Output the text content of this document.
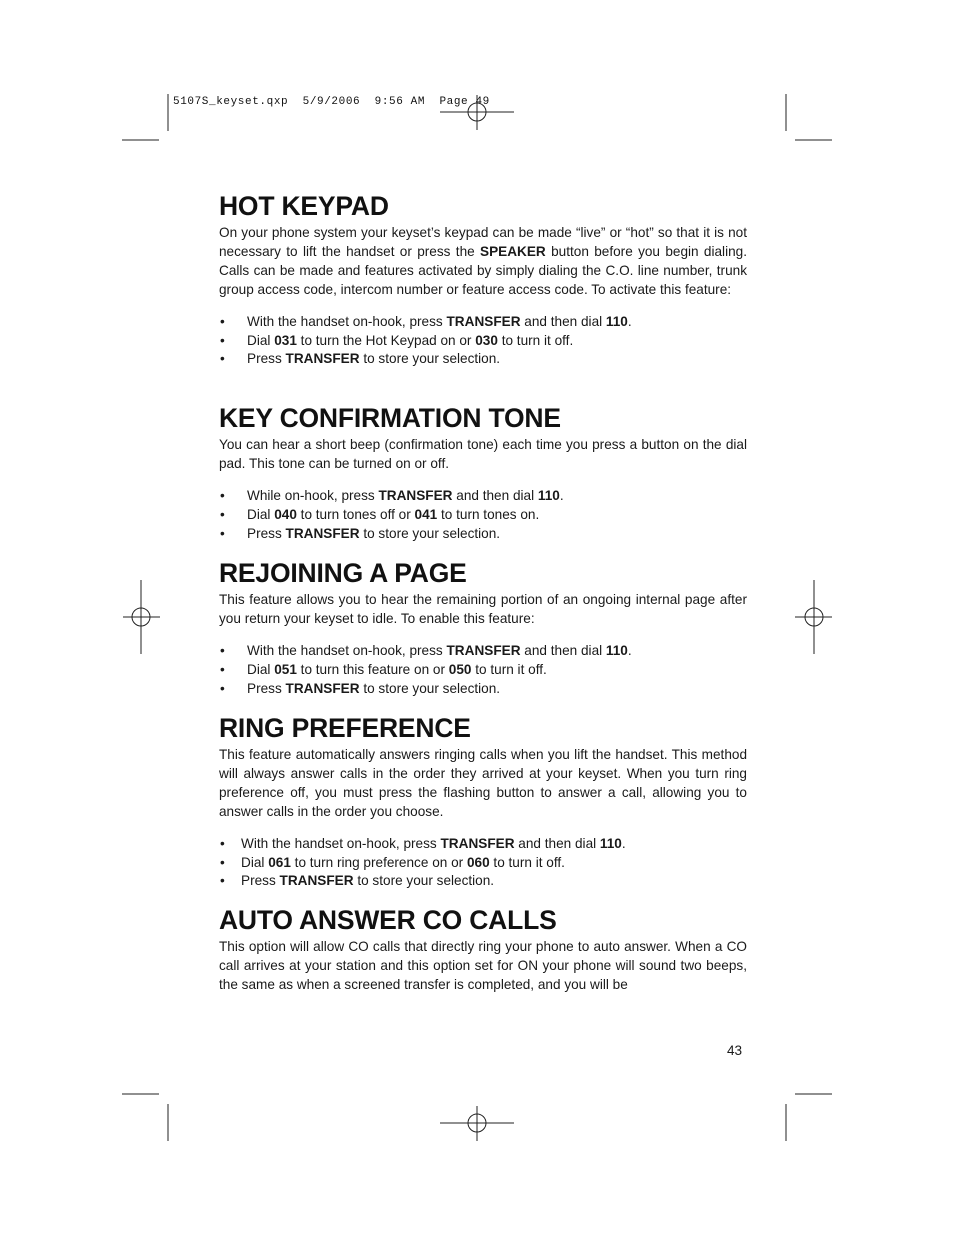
5107S_keyset.qxp  5/9/2006  9:56 AM  Page 49
HOT KEYPAD

On your phone system your keyset’s keypad can be made “live” or “hot” so that it is not necessary to lift the handset or press the SPEAKER button before you begin dialing. Calls can be made and features activated by simply dialing the C.O. line number, trunk group access code, intercom number or feature access code. To activate this feature:

• With the handset on-hook, press TRANSFER and then dial 110.
• Dial 031 to turn the Hot Keypad on or 030 to turn it off.
• Press TRANSFER to store your selection.
KEY CONFIRMATION TONE

You can hear a short beep (confirmation tone) each time you press a button on the dial pad. This tone can be turned on or off.

• While on-hook, press TRANSFER and then dial 110.
• Dial 040 to turn tones off or 041 to turn tones on.
• Press TRANSFER to store your selection.
REJOINING A PAGE

This feature allows you to hear the remaining portion of an ongoing internal page after you return your keyset to idle. To enable this feature:

• With the handset on-hook, press TRANSFER and then dial 110.
• Dial 051 to turn this feature on or 050 to turn it off.
• Press TRANSFER to store your selection.
RING PREFERENCE

This feature automatically answers ringing calls when you lift the handset. This method will always answer calls in the order they arrived at your keyset. When you turn ring preference off, you must press the flashing button to answer a call, allowing you to answer calls in the order you choose.

• With the handset on-hook, press TRANSFER and then dial 110.
• Dial 061 to turn ring preference on or 060 to turn it off.
• Press TRANSFER to store your selection.
AUTO ANSWER CO CALLS

This option will allow CO calls that directly ring your phone to auto answer. When a CO call arrives at your station and this option set for ON your phone will sound two beeps, the same as when a screened transfer is completed, and you will be

43
